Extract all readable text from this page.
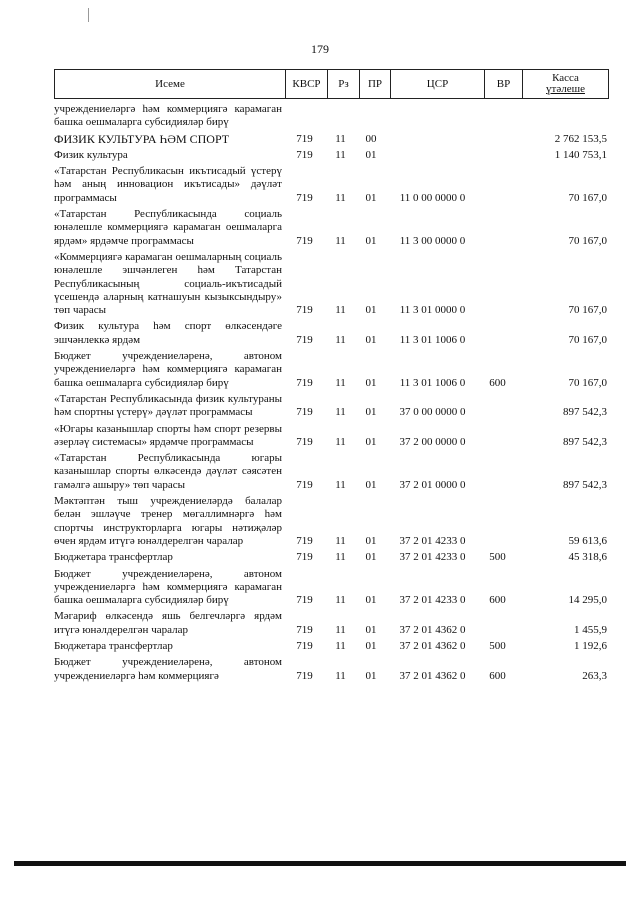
179
Исеме	КВСР	Рз	ПР	ЦСР	ВР	Касса
үтәлеше
учреждениеләргә һәм коммерциягә карамаган башка оешмаларга субсидияләр бирү
ФИЗИК КУЛЬТУРА ҺӘМ СПОРТ	719	11	00	2 762 153,5
Физик культура	719	11	01	1 140 753,1
«Татарстан Республикасын икътисадый үстерү һәм аның инновацион икътисады» дәүләт программасы	719	11	01	11 0 00 0000 0	70 167,0
«Татарстан Республикасында социаль юнәлешле коммерциягә карамаган оешмаларга ярдәм» ярдәмче программасы	719	11	01	11 3 00 0000 0	70 167,0
«Коммерциягә карамаган оешмаларның социаль юнәлешле эшчәнлеген һәм Татарстан Республикасының социаль-икътисадый үсешендә аларның катнашуын кызыксындыру» төп чарасы	719	11	01	11 3 01 0000 0	70 167,0
Физик культура һәм спорт өлкәсендәге эшчәнлеккә ярдәм	719	11	01	11 3 01 1006 0	70 167,0
Бюджет учреждениеләренә, автоном учреждениеләргә һәм коммерциягә карамаган башка оешмаларга субсидияләр бирү	719	11	01	11 3 01 1006 0	600	70 167,0
«Татарстан Республикасында физик культураны һәм спортны үстерү» дәүләт программасы	719	11	01	37 0 00 0000 0	897 542,3
«Югары казанышлар спорты һәм спорт резервы әзерләү системасы» ярдәмче программасы	719	11	01	37 2 00 0000 0	897 542,3
«Татарстан Республикасында югары казанышлар спорты өлкәсендә дәүләт сәясәтен гамәлгә ашыру» төп чарасы	719	11	01	37 2 01 0000 0	897 542,3
Мәктәптән тыш учреждениеләрдә балалар белән эшләүче тренер мөгаллимнәргә һәм спортчы инструкторларга югары нәтиҗәләр өчен ярдәм итүгә юнәлдерелгән чаралар	719	11	01	37 2 01 4233 0	59 613,6
Бюджетара трансфертлар	719	11	01	37 2 01 4233 0	500	45 318,6
Бюджет учреждениеләренә, автоном учреждениеләргә һәм коммерциягә карамаган башка оешмаларга субсидияләр бирү	719	11	01	37 2 01 4233 0	600	14 295,0
Мәгариф өлкәсендә яшь белгечләргә ярдәм итүгә юнәлдерелгән чаралар	719	11	01	37 2 01 4362 0	1 455,9
Бюджетара трансфертлар	719	11	01	37 2 01 4362 0	500	1 192,6
Бюджет учреждениеләренә, автоном учреждениеләргә һәм коммерциягә	719	11	01	37 2 01 4362 0	600	263,3
